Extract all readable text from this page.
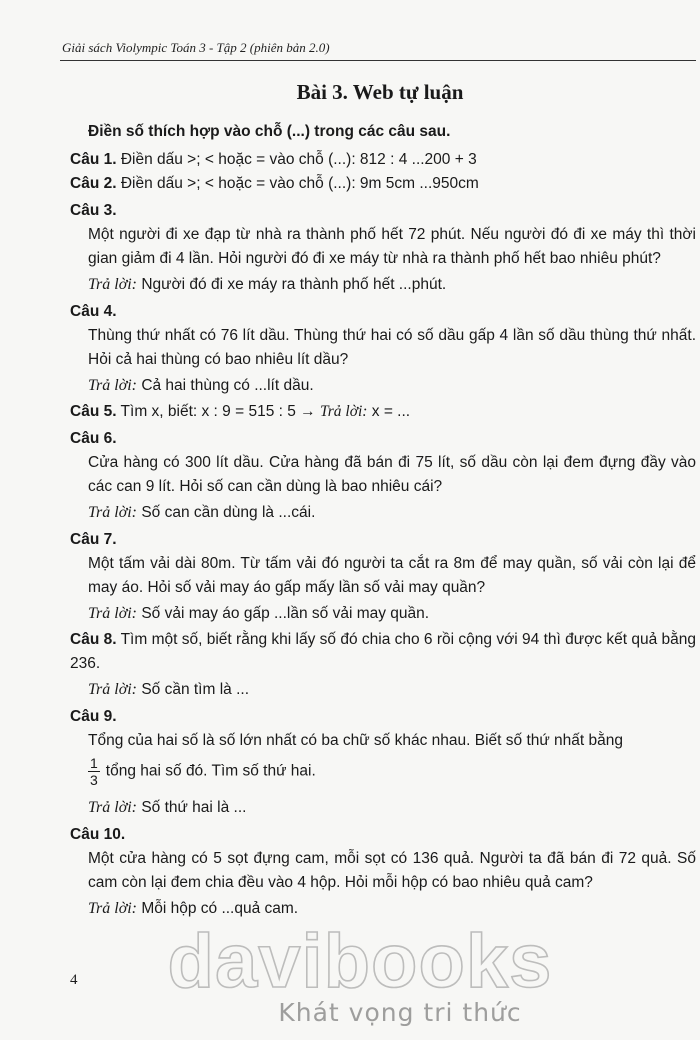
Giải sách Violympic Toán 3 - Tập 2 (phiên bản 2.0)
Bài 3. Web tự luận
Điền số thích hợp vào chỗ (...) trong các câu sau.
Câu 1. Điền dấu >; < hoặc = vào chỗ (...): 812 : 4 ...200 + 3
Câu 2. Điền dấu >; < hoặc = vào chỗ (...): 9m 5cm ...950cm
Câu 3.
Một người đi xe đạp từ nhà ra thành phố hết 72 phút. Nếu người đó đi xe máy thì thời gian giảm đi 4 lần. Hỏi người đó đi xe máy từ nhà ra thành phố hết bao nhiêu phút?
Trả lời: Người đó đi xe máy ra thành phố hết ...phút.
Câu 4.
Thùng thứ nhất có 76 lít dầu. Thùng thứ hai có số dầu gấp 4 lần số dầu thùng thứ nhất. Hỏi cả hai thùng có bao nhiêu lít dầu?
Trả lời: Cả hai thùng có ...lít dầu.
Câu 5. Tìm x, biết: x : 9 = 515 : 5 → Trả lời: x = ...
Câu 6.
Cửa hàng có 300 lít dầu. Cửa hàng đã bán đi 75 lít, số dầu còn lại đem đựng đầy vào các can 9 lít. Hỏi số can cần dùng là bao nhiêu cái?
Trả lời: Số can cần dùng là ...cái.
Câu 7.
Một tấm vải dài 80m. Từ tấm vải đó người ta cắt ra 8m để may quần, số vải còn lại để may áo. Hỏi số vải may áo gấp mấy lần số vải may quần?
Trả lời: Số vải may áo gấp ...lần số vải may quần.
Câu 8. Tìm một số, biết rằng khi lấy số đó chia cho 6 rồi cộng với 94 thì được kết quả bằng 236.
Trả lời: Số cần tìm là ...
Câu 9.
Tổng của hai số là số lớn nhất có ba chữ số khác nhau. Biết số thứ nhất bằng
$\frac{1}{3}$ tổng hai số đó. Tìm số thứ hai.
Trả lời: Số thứ hai là ...
Câu 10.
Một cửa hàng có 5 sọt đựng cam, mỗi sọt có 136 quả. Người ta đã bán đi 72 quả. Số cam còn lại đem chia đều vào 4 hộp. Hỏi mỗi hộp có bao nhiêu quả cam?
Trả lời: Mỗi hộp có ...quả cam.
4 davibooks
Khát vọng tri thức
